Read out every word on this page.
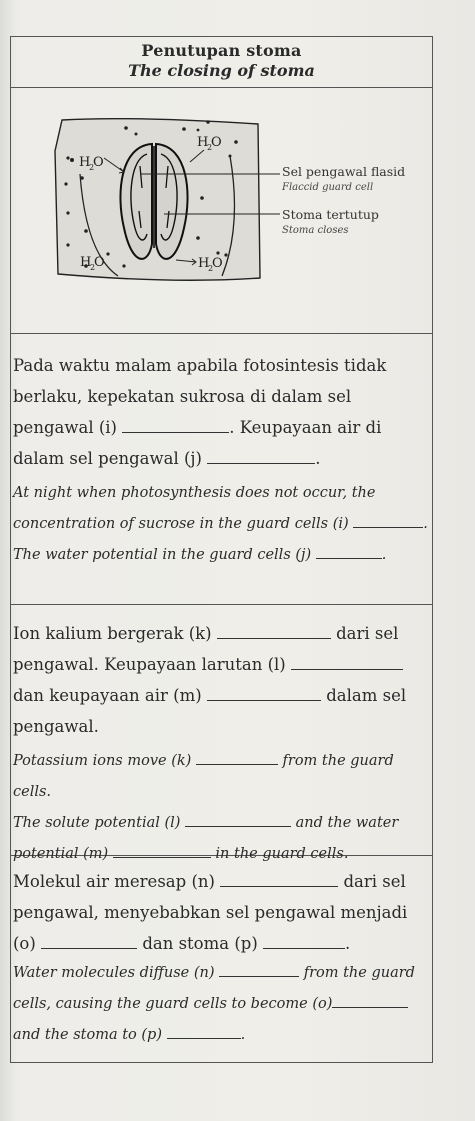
Penutupan stoma
The closing of stoma
H
2
O
H
2
O
H
2
O	H
2
O
Sel pengawal flasid
Flaccid guard cell
Stoma tertutup
Stoma closes

Pada waktu malam apabila fotosintesis tidak
berlaku, kepekatan sukrosa di dalam sel
pengawal (i)	. Keupayaan air di
dalam sel pengawal (j)	.

At night when photosynthesis does not occur, the
concentration of sucrose in the guard cells (i)	.
The water potential in the guard cells (j)	.

Ion kalium bergerak (k)	dari sel
pengawal. Keupayaan larutan (l)
dan keupayaan air (m)	dalam sel
pengawal.

Potassium ions move (k)	from the guard cells.
The solute potential (l)	and the water
potential (m)	in the guard cells.

Molekul air meresap (n)	dari sel
pengawal, menyebabkan sel pengawal menjadi
(o)	dan stoma (p)	.

Water molecules diffuse (n)	from the guard
cells, causing the guard cells to become (o)
and the stoma to (p)	.
